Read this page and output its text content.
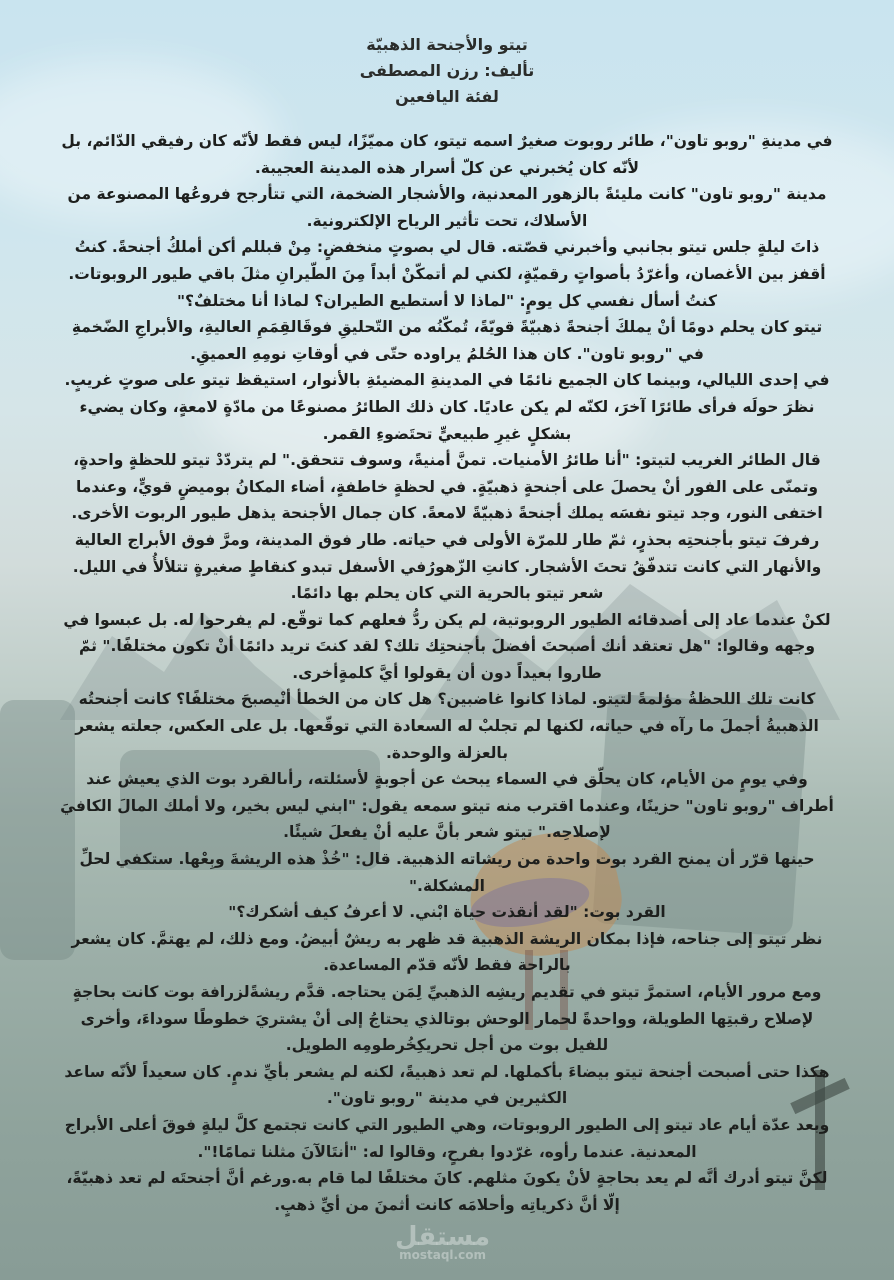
تيتو والأجنحة الذهبيّة
تأليف: رزن المصطفى
لفئة اليافعين

في مدينةِ "روبو تاون"، طائر روبوت صغيرٌ اسمه تيتو، كان مميّزًا، ليس فقط لأنّه كان رفيقي الدّائم، بل لأنّه كان يُخبرني عن كلّ أسرار هذه المدينة العجيبة.

مدينة "روبو تاون" كانت مليئةً بالزهور المعدنية، والأشجار الضخمة، التي تتأرجح فروعُها المصنوعة من الأسلاك، تحت تأثير الرياح الإلكترونية.

ذاتَ ليلةٍ جلس تيتو بجانبي وأخبرني قصّته. قال لي بصوتٍ منخفضٍ: مِنْ قبللم أكن أملكُ أجنحةً. كنتُ أقفز بين الأغصان، وأغرّدُ بأصواتٍ رقميّةٍ، لكني لم أتمكّنْ أبداً مِنَ الطّيرانِ مثلَ باقي طيور الروبوتات. كنتُ أسأل نفسي كل يومٍ: "لماذا لا أستطيع الطيران؟ لماذا أنا مختلفٌ؟"

تيتو كان يحلم دومًا أنْ يملكَ أجنحةً ذهبيّةً قويّةً، تُمكّنُه من التّحليقِ فوقَالقِمَمِ العاليةِ، والأبراجِ الضّخمةِ في "روبو تاون". كان هذا الحُلمُ يراوده حتّى في أوقاتِ نومِهِ العميقِ.

في إحدى الليالي، وبينما كان الجميع نائمًا في المدينةِ المضيئةِ بالأنوار، استيقظ تيتو على صوتٍ غريبٍ. نظرَ حولَه فرأى طائرًا آخرَ، لكنّه لم يكن عاديًا. كان ذلك الطائرُ مصنوعًا من مادّةٍ لامعةٍ، وكان يضيء بشكلٍ غيرِ طبيعيٍّ تحتَضوءِ القمر.

قال الطائر الغريب لتيتو: "أنا طائرُ الأمنيات. تمنَّ أمنيةً، وسوف تتحقق." لم يتردّدْ تيتو للحظةٍ واحدةٍ، وتمنّى على الفور أنْ يحصلَ على أجنحةٍ ذهبيّةٍ. في لحظةٍ خاطفةٍ، أضاء المكانُ بوميضٍ قويٍّ، وعندما اختفى النور، وجد تيتو نفسَه يملك أجنحةً ذهبيّةً لامعةً. كان جمال الأجنحة يذهل طيور الربوت الأخرى.

رفرفَ تيتو بأجنحتِه بحذرٍ، ثمّ طار للمرّة الأولى في حياته. طار فوق المدينة، ومرَّ فوق الأبراج العالية والأنهار التي كانت تتدفّقُ تحتَ الأشجار. كانتِ الزّهورُفي الأسفل تبدو كنقاطٍ صغيرةٍ تتلألأُ في الليل. شعر تيتو بالحرية التي كان يحلم بها دائمًا.

لكنْ عندما عاد إلى أصدقائه الطيور الروبوتية، لم يكن ردُّ فعلهم كما توقّع. لم يفرحوا له. بل عبسوا في وجهه وقالوا: "هل تعتقد أنك أصبحتَ أفضلَ بأجنحتِك تلك؟ لقد كنتَ تريد دائمًا أنْ تكون مختلفًا." ثمّ طاروا بعيداً دون أن يقولوا أيَّ كلمةٍأخرى.

كانت تلك اللحظةُ مؤلمةً لتيتو. لماذا كانوا غاضبين؟ هل كان من الخطأ أنْيصبحَ مختلفًا؟ كانت أجنحتُه الذهبيةُ أجملَ ما رآه في حياته، لكنها لم تجلبْ له السعادة التي توقّعها. بل على العكس، جعلته يشعر بالعزلة والوحدة.

وفي يومٍ من الأيام، كان يحلّق في السماء يبحث عن أجوبةٍ لأسئلته، رأىالقرد بوت الذي يعيش عند أطراف "روبو تاون" حزينًا، وعندما اقترب منه تيتو سمعه يقول: "ابني ليس بخير، ولا أملك المالَ الكافيَ لإصلاحِه." تيتو شعر بأنَّ عليه أنْ يفعلَ شيئًا.

حينها قرّر أن يمنح القرد بوت واحدة من ريشاته الذهبية. قال: "خُذْ هذه الريشةَ وبِعْها. ستكفي لحلِّ المشكلة."

القرد بوت: "لقد أنقذت حياة ابْني. لا أعرفُ كيف أشكرك؟"

نظر تيتو إلى جناحه، فإذا بمكان الريشة الذهبية قد ظهر به ريشٌ أبيضُ. ومع ذلك، لم يهتمَّ. كان يشعر بالراحة فقط لأنّه قدّم المساعدة.

ومع مرور الأيام، استمرَّ تيتو في تقديم ريشِه الذهبيِّ لِمَن يحتاجه. قدَّم ريشةًلزرافة بوت كانت بحاجةٍ لإصلاح رقبتِها الطويلة، وواحدةً لحمار الوحش بوتالذي يحتاجُ إلى أنْ يشتريَ خطوطًا سوداءَ، وأخرى للفيل بوت من أجل تحريكِخُرطومِه الطويل.

هكذا حتى أصبحت أجنحة تيتو بيضاءَ بأكملها. لم تعد ذهبيةً، لكنه لم يشعر بأيِّ ندمٍ. كان سعيداً لأنّه ساعد الكثيرين في مدينة "روبو تاون".

وبعد عدّة أيام عاد تيتو إلى الطيور الروبوتات، وهي الطيور التي كانت تجتمع كلَّ ليلةٍ فوقَ أعلى الأبراج المعدنية. عندما رأوه، غرّدوا بفرحٍ، وقالوا له: "أنتَالآنَ مثلنا تمامًا!".

لكنَّ تيتو أدرك أنَّه لم يعد بحاجةٍ لأنْ يكونَ مثلهم. كانَ مختلفًا لما قام به.ورغم أنَّ أجنحتَه لم تعد ذهبيّةً، إلّا أنَّ ذكرياتِه وأحلامَه كانت أثمنَ من أيِّ ذهبٍ.

مستقل
mostaql.com
